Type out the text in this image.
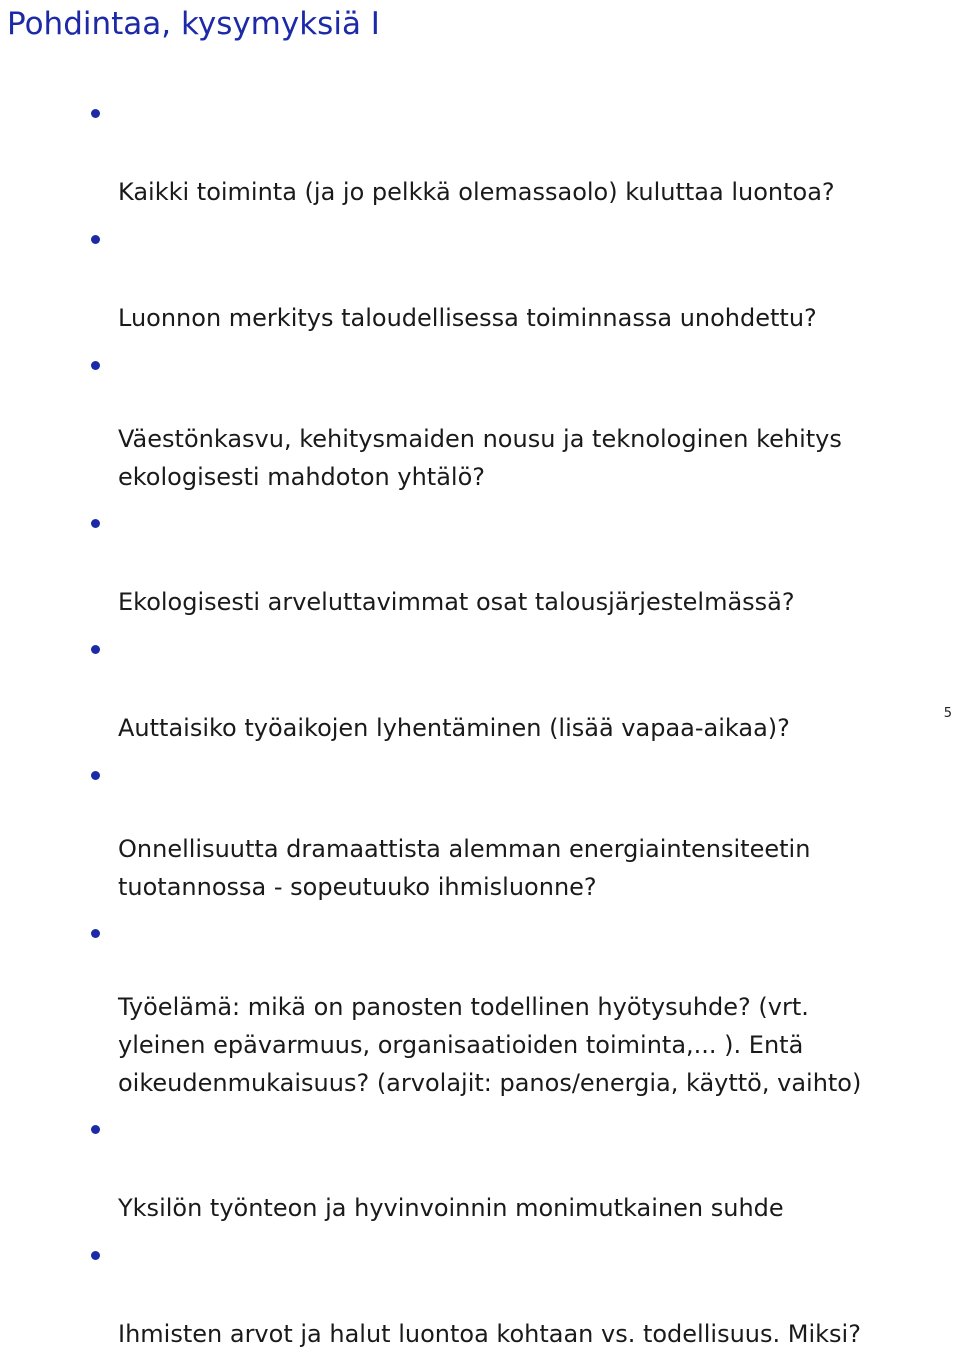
Pohdintaa, kysymyksiä I

Kaikki toiminta (ja jo pelkkä olemassaolo) kuluttaa luontoa?

Luonnon merkitys taloudellisessa toiminnassa unohdettu?

Väestönkasvu, kehitysmaiden nousu ja teknologinen kehitys
ekologisesti mahdoton yhtälö?

Ekologisesti arveluttavimmat osat talousjärjestelmässä?

Auttaisiko työaikojen lyhentäminen (lisää vapaa-aikaa)?

Onnellisuutta dramaattista alemman energiaintensiteetin
tuotannossa - sopeutuuko ihmisluonne?

Työelämä: mikä on panosten todellinen hyötysuhde? (vrt.
yleinen epävarmuus, organisaatioiden toiminta,... ). Entä
oikeudenmukaisuus? (arvolajit: panos/energia, käyttö, vaihto)

Yksilön työnteon ja hyvinvoinnin monimutkainen suhde

Ihmisten arvot ja halut luontoa kohtaan vs. todellisuus. Miksi?

5
